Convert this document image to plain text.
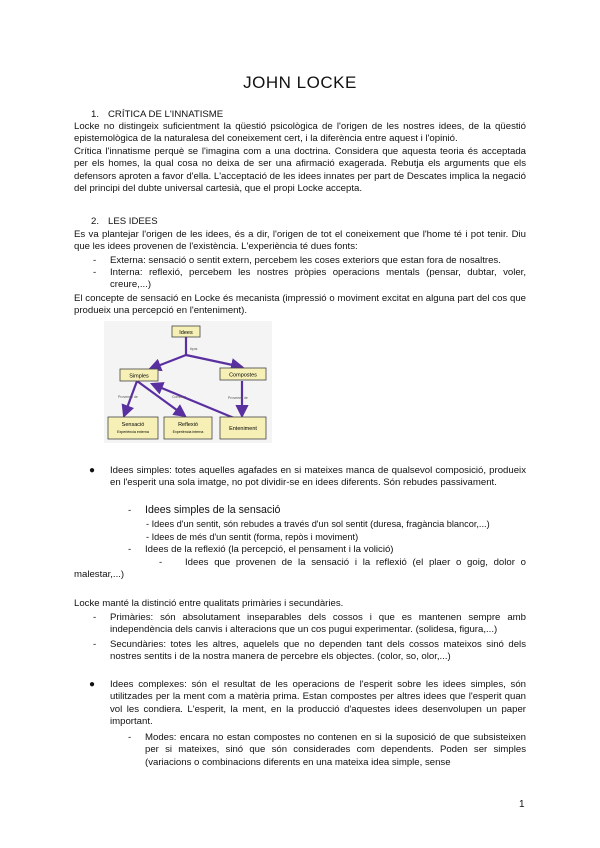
JOHN LOCKE
1. CRÍTICA DE L'INNATISME

Locke no distingeix suficientment la qüestió psicològica de l'origen de les nostres idees, de la qüestió epistemològica de la naturalesa del coneixement cert, i la diferència entre aquest i l'opinió.

Crítica l'innatisme perquè se l'imagina com a una doctrina. Considera que aquesta teoria és acceptada per els homes, la qual cosa no deixa de ser una afirmació exagerada. Rebutja els arguments que els defensors aproten a favor d'ella. L'acceptació de les idees innates per part de Descates implica la negació del principi del dubte universal cartesià, que el propi Locke accepta.

2. LES IDEES

Es va plantejar l'origen de les idees, és a dir, l'origen de tot el coneixement que l'home té i pot tenir. Diu que les idees provenen de l'existència. L'experiència té dues fonts:

- Externa: sensació o sentit extern, percebem les coses exteriors que estan fora de nosaltres.
- Interna: reflexió, percebem les nostres pròpies operacions mentals (pensar, dubtar, voler, creure,...)

El concepte de sensació en Locke és mecanista (impressió o moviment excitat en alguna part del cos que produeix una percepció en l'enteniment).

Idees
tipus
Simples	Compostes
Provenen de	Combina	Provenen de
Sensació
Experiència externa
Reflexió
Experiència interna	Enteniment
● Idees simples: totes aquelles agafades en si mateixes manca de qualsevol composició, produeix en l'esperit una sola imatge, no pot dividir-se en idees diferents. Són rebudes passivament.
- Idees simples de la sensació
- Idees d'un sentit, són rebudes a través d'un sol sentit (duresa, fragància blancor,...)
- Idees de més d'un sentit (forma, repòs i moviment)
- Idees de la reflexió (la percepció, el pensament i la volició)
-	Idees que provenen de la sensació i la reflexió (el plaer o goig, dolor o malestar,...)

Locke manté la distinció entre qualitats primàries i secundàries.

- Primàries: són absolutament inseparables dels cossos i que es mantenen sempre amb independència dels canvis i alteracions que un cos pugui experimentar. (solidesa, figura,...)
- Secundàries: totes les altres, aquelels que no dependen tant dels cossos mateixos sinó dels nostres sentits i de la nostra manera de percebre els objectes. (color, so, olor,...)
● Idees complexes: són el resultat de les operacions de l'esperit sobre les idees simples, són utilitzades per la ment com a matèria prima. Estan compostes per altres idees que l'esperit quan vol les condiera. L'esperit, la ment, en la producció d'aquestes idees desenvolupen un paper important.
- Modes: encara no estan compostes no contenen en si la suposició de que subsisteixen per si mateixes, sinó que són considerades com dependents. Poden ser simples (variacions o combinacions diferents en una mateixa idea simple, sense
1
